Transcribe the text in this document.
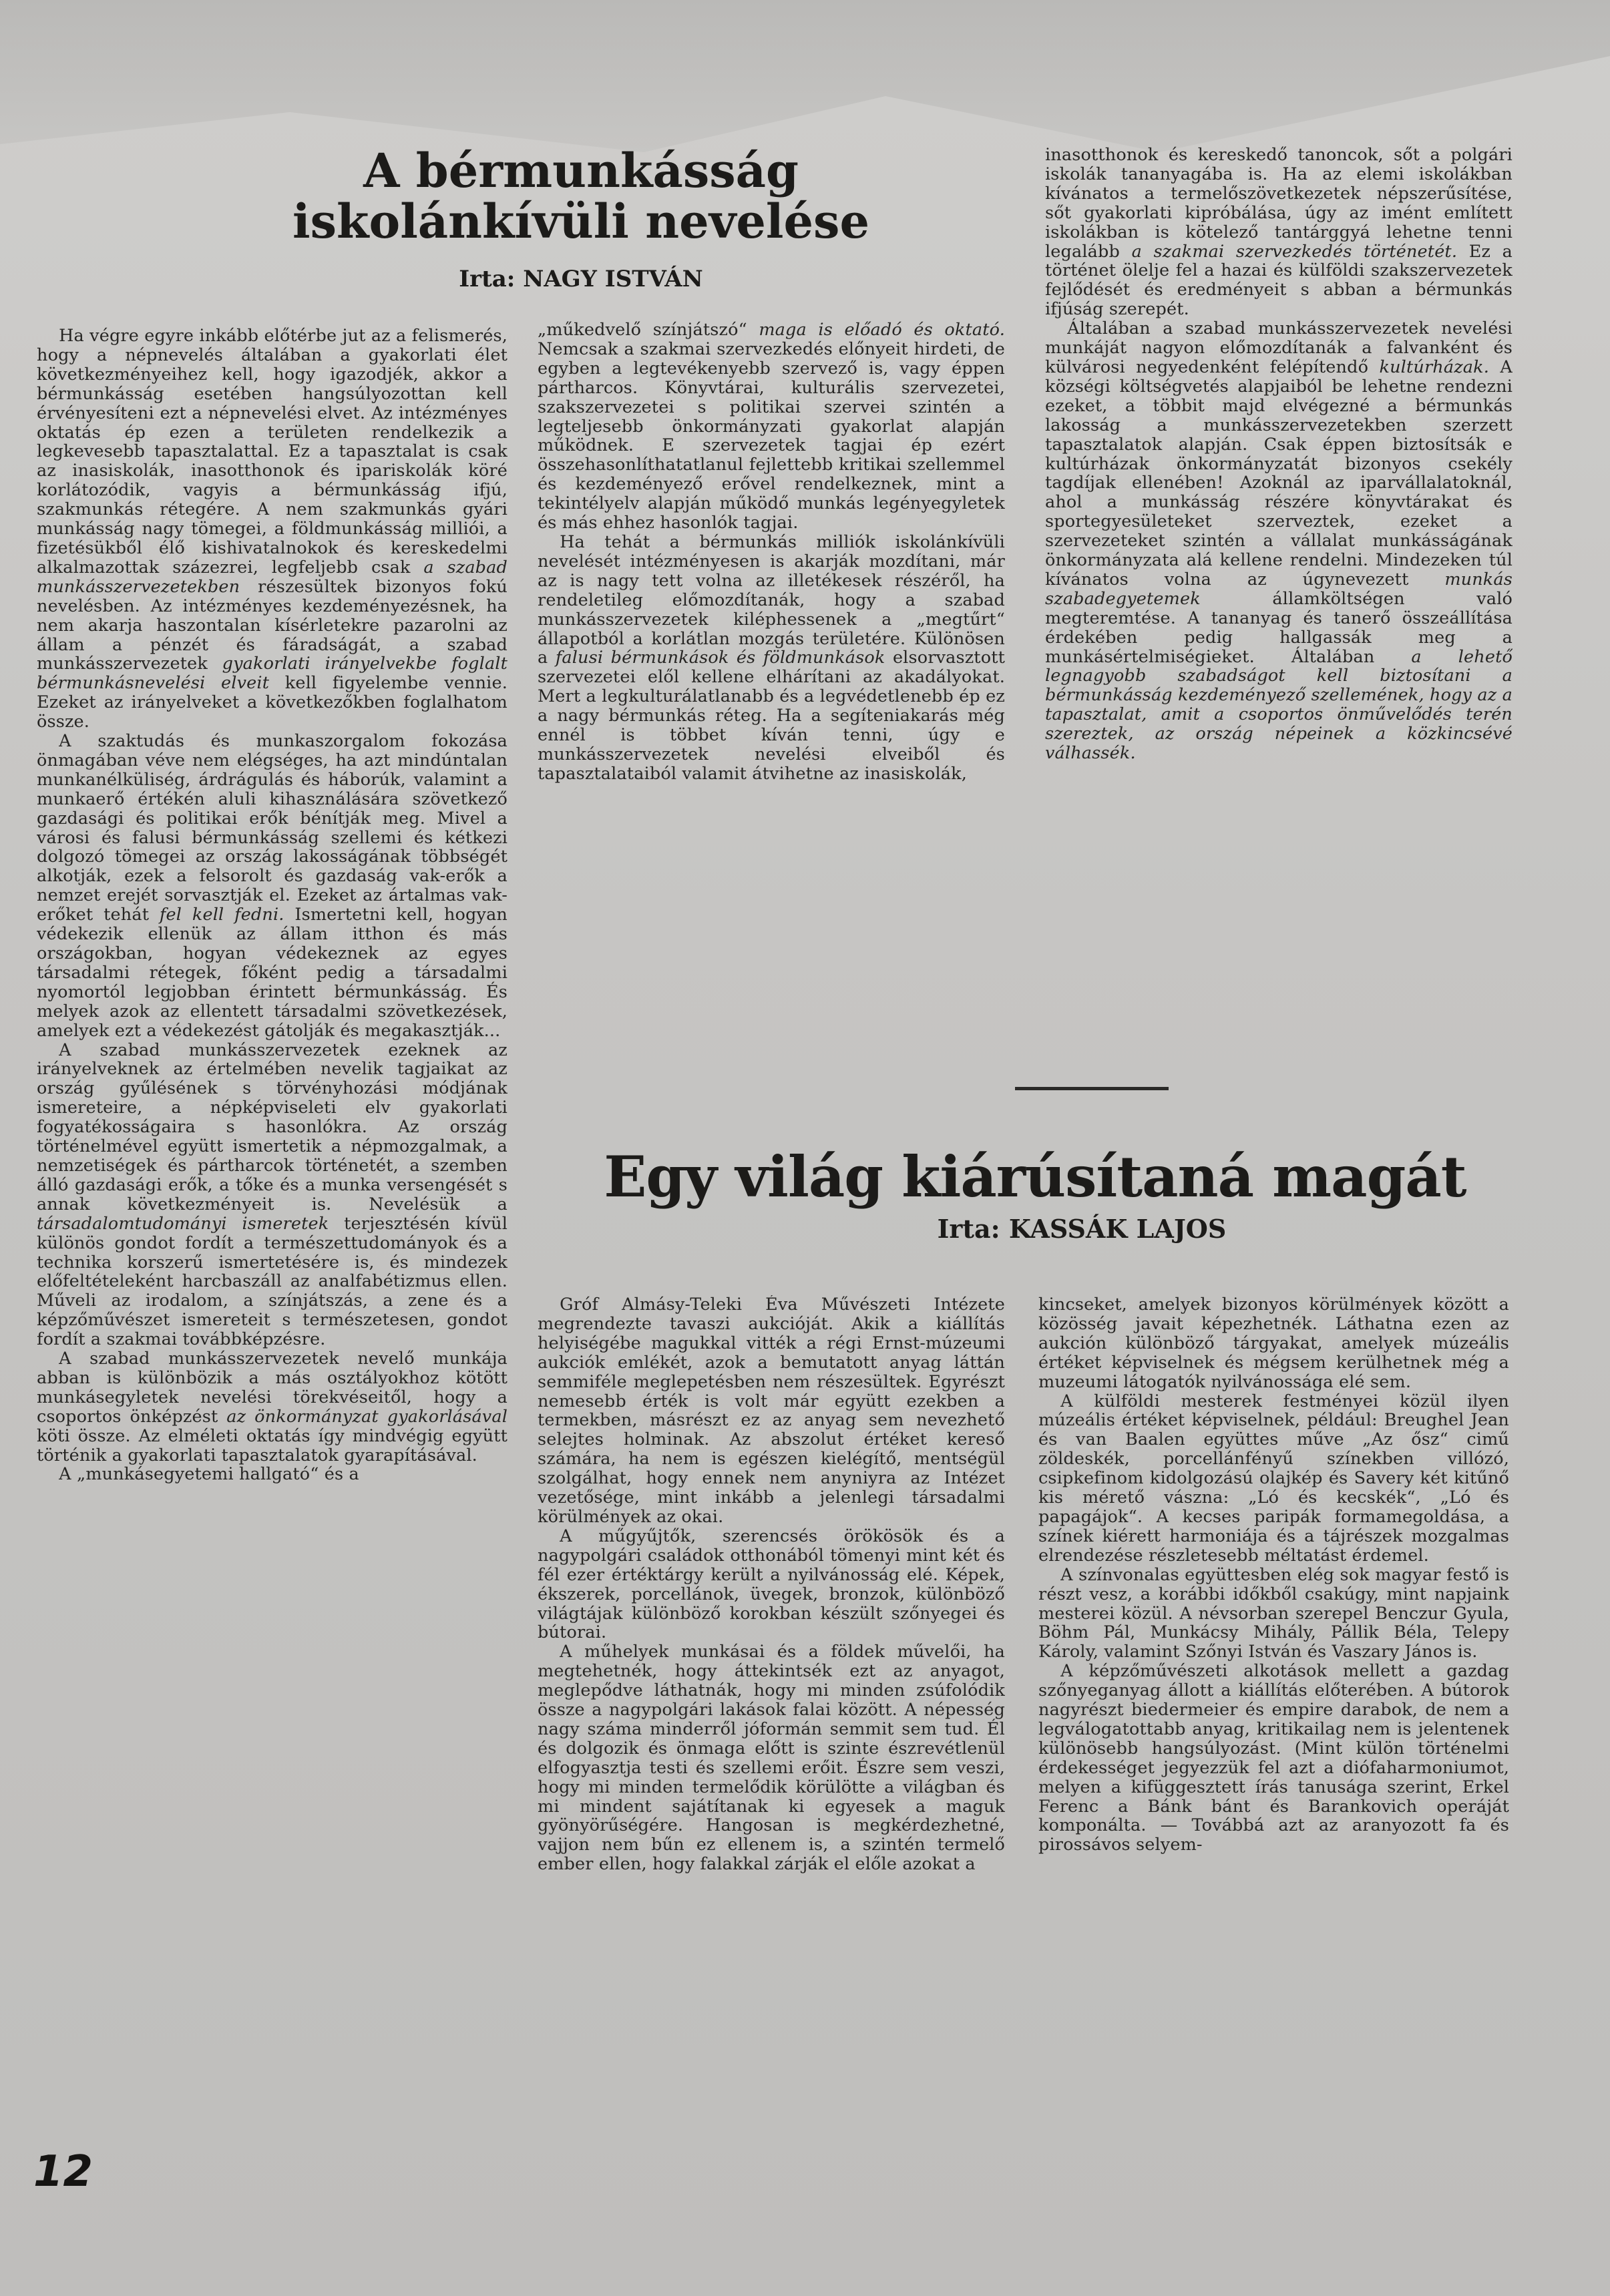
A bérmunkásság
iskolánkívüli nevelése
Irta: NAGY ISTVÁN

Ha végre egyre inkább előtérbe jut az a felismerés, hogy a népnevelés általában a gyakorlati élet következményeihez kell, hogy igazodjék, akkor a bérmunkásság esetében hangsúlyozottan kell érvényesíteni ezt a népnevelési elvet. Az intézményes oktatás ép ezen a területen rendelkezik a legkevesebb tapasztalattal. Ez a tapasztalat is csak az inasiskolák, inasotthonok és ipariskolák köré korlátozódik, vagyis a bérmunkásság ifjú, szakmunkás rétegére. A nem szakmunkás gyári munkásság nagy tömegei, a földmunkásság milliói, a fizetésükből élő kishivatalnokok és kereskedelmi alkalmazottak százezrei, legfeljebb csak a szabad munkásszervezetekben részesültek bizonyos fokú nevelésben. Az intézményes kezdeményezésnek, ha nem akarja haszontalan kísérletekre pazarolni az állam a pénzét és fáradságát, a szabad munkásszervezetek gyakorlati irányelvekbe foglalt bérmunkásnevelési elveit kell figyelembe vennie. Ezeket az irányelveket a következőkben foglalhatom össze.

A szaktudás és munkaszorgalom fokozása önmagában véve nem elégséges, ha azt mindúntalan munkanélküliség, árdrágulás és háborúk, valamint a munkaerő értékén aluli kihasználására szövetkező gazdasági és politikai erők bénítják meg. Mivel a városi és falusi bérmunkásság szellemi és kétkezi dolgozó tömegei az ország lakosságának többségét alkotják, ezek a felsorolt és gazdaság vak-erők a nemzet erejét sorvasztják el. Ezeket az ártalmas vak-erőket tehát fel kell fedni. Ismertetni kell, hogyan védekezik ellenük az állam itthon és más országokban, hogyan védekeznek az egyes társadalmi rétegek, főként pedig a társadalmi nyomortól legjobban érintett bérmunkásság. És melyek azok az ellentett társadalmi szövetkezések, amelyek ezt a védekezést gátolják és megakasztják...

A szabad munkásszervezetek ezeknek az irányelveknek az értelmében nevelik tagjaikat az ország gyűlésének s törvényhozási módjának ismereteire, a népképviseleti elv gyakorlati fogyatékosságaira s hasonlókra. Az ország történelmével együtt ismertetik a népmozgalmak, a nemzetiségek és pártharcok történetét, a szemben álló gazdasági erők, a tőke és a munka versengését s annak következményeit is. Nevelésük a társadalomtudományi ismeretek terjesztésén kívül különös gondot fordít a természettudományok és a technika korszerű ismertetésére is, és mindezek előfeltételeként harcbaszáll az analfabétizmus ellen. Műveli az irodalom, a színjátszás, a zene és a képzőművészet ismereteit s természetesen, gondot fordít a szakmai továbbképzésre.

A szabad munkásszervezetek nevelő munkája abban is különbözik a más osztályokhoz kötött munkásegyletek nevelési törekvéseitől, hogy a csoportos önképzést az önkormányzat gyakorlásával köti össze. Az elméleti oktatás így mindvégig együtt történik a gyakorlati tapasztalatok gyarapításával.

A „munkásegyetemi hallgató“ és a

„műkedvelő színjátszó“ maga is előadó és oktató. Nemcsak a szakmai szervezkedés előnyeit hirdeti, de egyben a legtevékenyebb szervező is, vagy éppen pártharcos. Könyvtárai, kulturális szervezetei, szakszervezetei s politikai szervei szintén a legteljesebb önkormányzati gyakorlat alapján működnek. E szervezetek tagjai ép ezért összehasonlíthatatlanul fejlettebb kritikai szellemmel és kezdeményező erővel rendelkeznek, mint a tekintélyelv alapján működő munkás legényegyletek és más ehhez hasonlók tagjai.

Ha tehát a bérmunkás milliók iskolánkívüli nevelését intézményesen is akarják mozdítani, már az is nagy tett volna az illetékesek részéről, ha rendeletileg előmozdítanák, hogy a szabad munkásszervezetek kiléphessenek a „megtűrt“ állapotból a korlátlan mozgás területére. Különösen a falusi bérmunkások és földmunkások elsorvasztott szervezetei elől kellene elhárítani az akadályokat. Mert a legkulturálatlanabb és a legvédetlenebb ép ez a nagy bérmunkás réteg. Ha a segíteniakarás még ennél is többet kíván tenni, úgy e munkásszervezetek nevelési elveiből és tapasztalataiból valamit átvihetne az inasiskolák,

inasotthonok és kereskedő tanoncok, sőt a polgári iskolák tananyagába is. Ha az elemi iskolákban kívánatos a termelőszövetkezetek népszerűsítése, sőt gyakorlati kipróbálása, úgy az imént említett iskolákban is kötelező tantárggyá lehetne tenni legalább a szakmai szervezkedés történetét. Ez a történet ölelje fel a hazai és külföldi szakszervezetek fejlődését és eredményeit s abban a bérmunkás ifjúság szerepét.

Általában a szabad munkásszervezetek nevelési munkáját nagyon előmozdítanák a falvanként és külvárosi negyedenként felépítendő kultúrházak. A községi költségvetés alapjaiból be lehetne rendezni ezeket, a többit majd elvégezné a bérmunkás lakosság a munkásszervezetekben szerzett tapasztalatok alapján. Csak éppen biztosítsák e kultúrházak önkormányzatát bizonyos csekély tagdíjak ellenében! Azoknál az iparvállalatoknál, ahol a munkásság részére könyvtárakat és sportegyesületeket szerveztek, ezeket a szervezeteket szintén a vállalat munkásságának önkormányzata alá kellene rendelni. Mindezeken túl kívánatos volna az úgynevezett munkás szabadegyetemek államköltségen való megteremtése. A tananyag és tanerő összeállítása érdekében pedig hallgassák meg a munkásértelmiségieket. Általában a lehető legnagyobb szabadságot kell biztosítani a bérmunkásság kezdeményező szellemének, hogy az a tapasztalat, amit a csoportos önművelődés terén szereztek, az ország népeinek a közkincsévé válhassék.

Egy világ kiárúsítaná magát
Irta: KASSÁK LAJOS

Gróf Almásy-Teleki Éva Művészeti Intézete megrendezte tavaszi aukcióját. Akik a kiállítás helyiségébe magukkal vitték a régi Ernst-múzeumi aukciók emlékét, azok a bemutatott anyag láttán semmiféle meglepetésben nem részesültek. Egyrészt nemesebb érték is volt már együtt ezekben a termekben, másrészt ez az anyag sem nevezhető selejtes holminak. Az abszolut értéket kereső számára, ha nem is egészen kielégítő, mentségül szolgálhat, hogy ennek nem anyniyra az Intézet vezetősége, mint inkább a jelenlegi társadalmi körülmények az okai.

A műgyűjtők, szerencsés örökösök és a nagypolgári családok otthonából tömenyi mint két és fél ezer értéktárgy került a nyilvánosság elé. Képek, ékszerek, porcellánok, üvegek, bronzok, különböző világtájak különböző korokban készült szőnyegei és bútorai.

A műhelyek munkásai és a földek művelői, ha megtehetnék, hogy áttekintsék ezt az anyagot, meglepődve láthatnák, hogy mi minden zsúfolódik össze a nagypolgári lakások falai között. A népesség nagy száma minderről jóformán semmit sem tud. Él és dolgozik és önmaga előtt is szinte észrevétlenül elfogyasztja testi és szellemi erőit. Észre sem veszi, hogy mi minden termelődik körülötte a világban és mi mindent sajátítanak ki egyesek a maguk gyönyörűségére. Hangosan is megkérdezhetné, vajjon nem bűn ez ellenem is, a szintén termelő ember ellen, hogy falakkal zárják el előle azokat a

kincseket, amelyek bizonyos körülmények között a közösség javait képezhetnék. Láthatna ezen az aukción különböző tárgyakat, amelyek múzeális értéket képviselnek és mégsem kerülhetnek még a muzeumi látogatók nyilvánossága elé sem.

A külföldi mesterek festményei közül ilyen múzeális értéket képviselnek, például: Breughel Jean és van Baalen együttes műve „Az ősz“ cimű zöldeskék, porcellánfényű színekben villózó, csipkefinom kidolgozású olajkép és Savery két kitűnő kis mérető vászna: „Ló és kecskék“, „Ló és papagájok“. A kecses paripák formamegoldása, a színek kiérett harmoniája és a tájrészek mozgalmas elrendezése részletesebb méltatást érdemel.

A színvonalas együttesben elég sok magyar festő is részt vesz, a korábbi időkből csakúgy, mint napjaink mesterei közül. A névsorban szerepel Benczur Gyula, Böhm Pál, Munkácsy Mihály, Pállik Béla, Telepy Károly, valamint Szőnyi István és Vaszary János is.

A képzőművészeti alkotások mellett a gazdag szőnyeganyag állott a kiállítás előterében. A bútorok nagyrészt biedermeier és empire darabok, de nem a legválogatottabb anyag, kritikailag nem is jelentenek különösebb hangsúlyozást. (Mint külön történelmi érdekességet jegyezzük fel azt a diófaharmoniumot, melyen a kifüggesztett írás tanusága szerint, Erkel Ferenc a Bánk bánt és Barankovich operáját komponálta. — Továbbá azt az aranyozott fa és pirossávos selyem-

12
